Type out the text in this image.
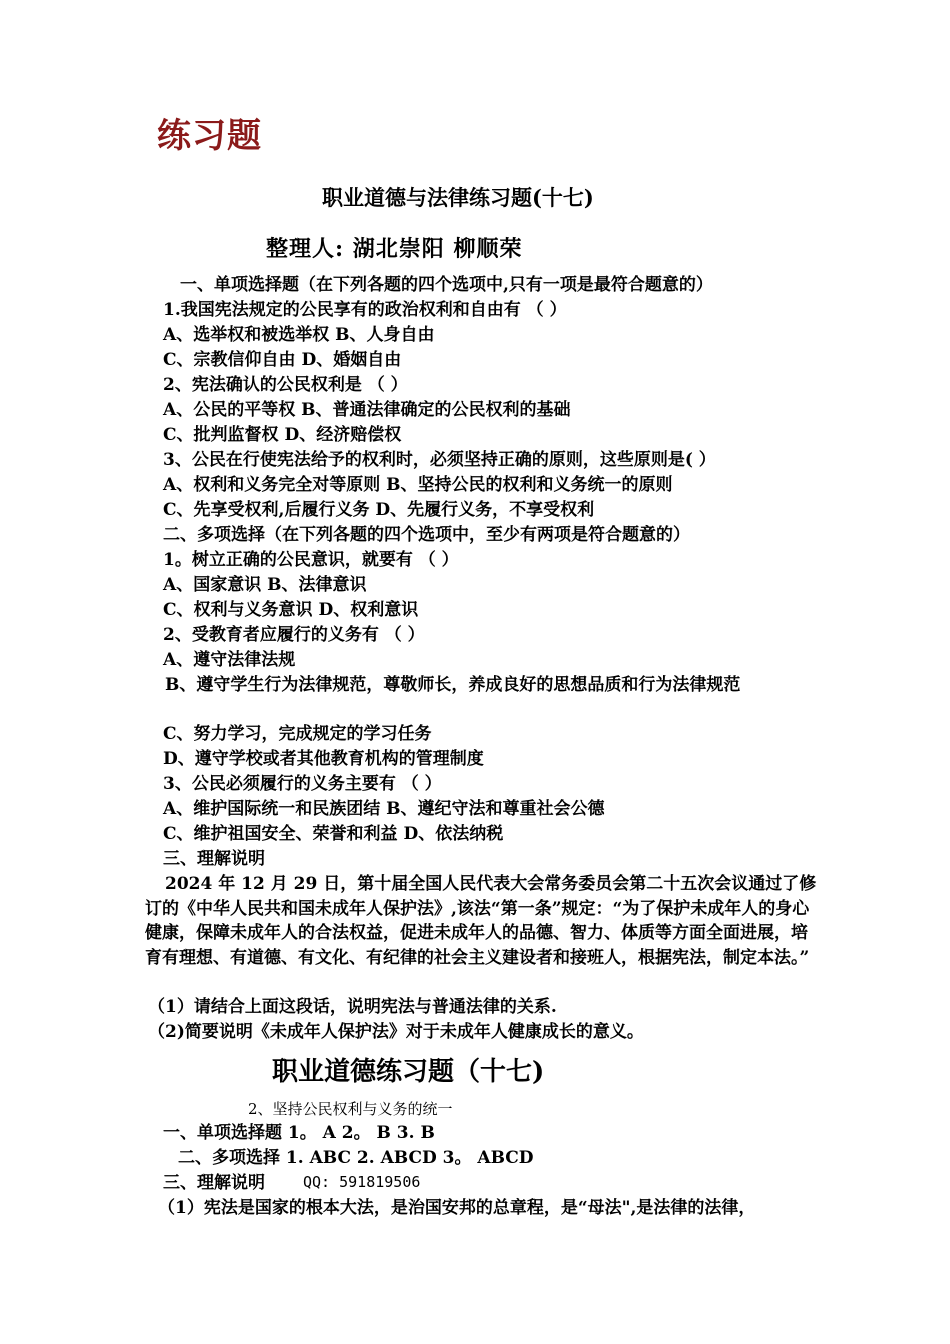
练习题
职业道德与法律练习题(十七)
整理人: 湖北崇阳 柳顺荣
一、单项选择题（在下列各题的四个选项中,只有一项是最符合题意的）
1.我国宪法规定的公民享有的政治权利和自由有 （ ）
A、选举权和被选举权 B、人身自由
C、宗教信仰自由 D、婚姻自由
2、宪法确认的公民权利是 （ ）
A、公民的平等权 B、普通法律确定的公民权利的基础
C、批判监督权 D、经济赔偿权
3、公民在行使宪法给予的权利时，必须坚持正确的原则，这些原则是( ）
A、权利和义务完全对等原则 B、坚持公民的权利和义务统一的原则
C、先享受权利,后履行义务 D、先履行义务，不享受权利
二、多项选择（在下列各题的四个选项中，至少有两项是符合题意的）
1。树立正确的公民意识，就要有 （ ）
A、国家意识 B、法律意识
C、权利与义务意识 D、权利意识
2、受教育者应履行的义务有 （ ）
A、遵守法律法规
B、遵守学生行为法律规范，尊敬师长，养成良好的思想品质和行为法律规范
C、努力学习，完成规定的学习任务
D、遵守学校或者其他教育机构的管理制度
3、公民必须履行的义务主要有 （ ）
A、维护国际统一和民族团结 B、遵纪守法和尊重社会公德
C、维护祖国安全、荣誉和利益 D、依法纳税
三、理解说明
2024 年 12 月 29 日，第十届全国人民代表大会常务委员会第二十五次会议通过了修订的《中华人民共和国未成年人保护法》,该法“第一条”规定：“为了保护未成年人的身心健康，保障未成年人的合法权益，促进未成年人的品德、智力、体质等方面全面进展，培育有理想、有道德、有文化、有纪律的社会主义建设者和接班人，根据宪法，制定本法。”
（1）请结合上面这段话，说明宪法与普通法律的关系.
（2)简要说明《未成年人保护法》对于未成年人健康成长的意义。
职业道德练习题（十七)
2、坚持公民权利与义务的统一
一、单项选择题 1。 A 2。 B 3. B
二、多项选择 1. ABC 2. ABCD 3。 ABCD
三、理解说明	QQ: 591819506
（1）宪法是国家的根本大法，是治国安邦的总章程，是“母法",是法律的法律，
